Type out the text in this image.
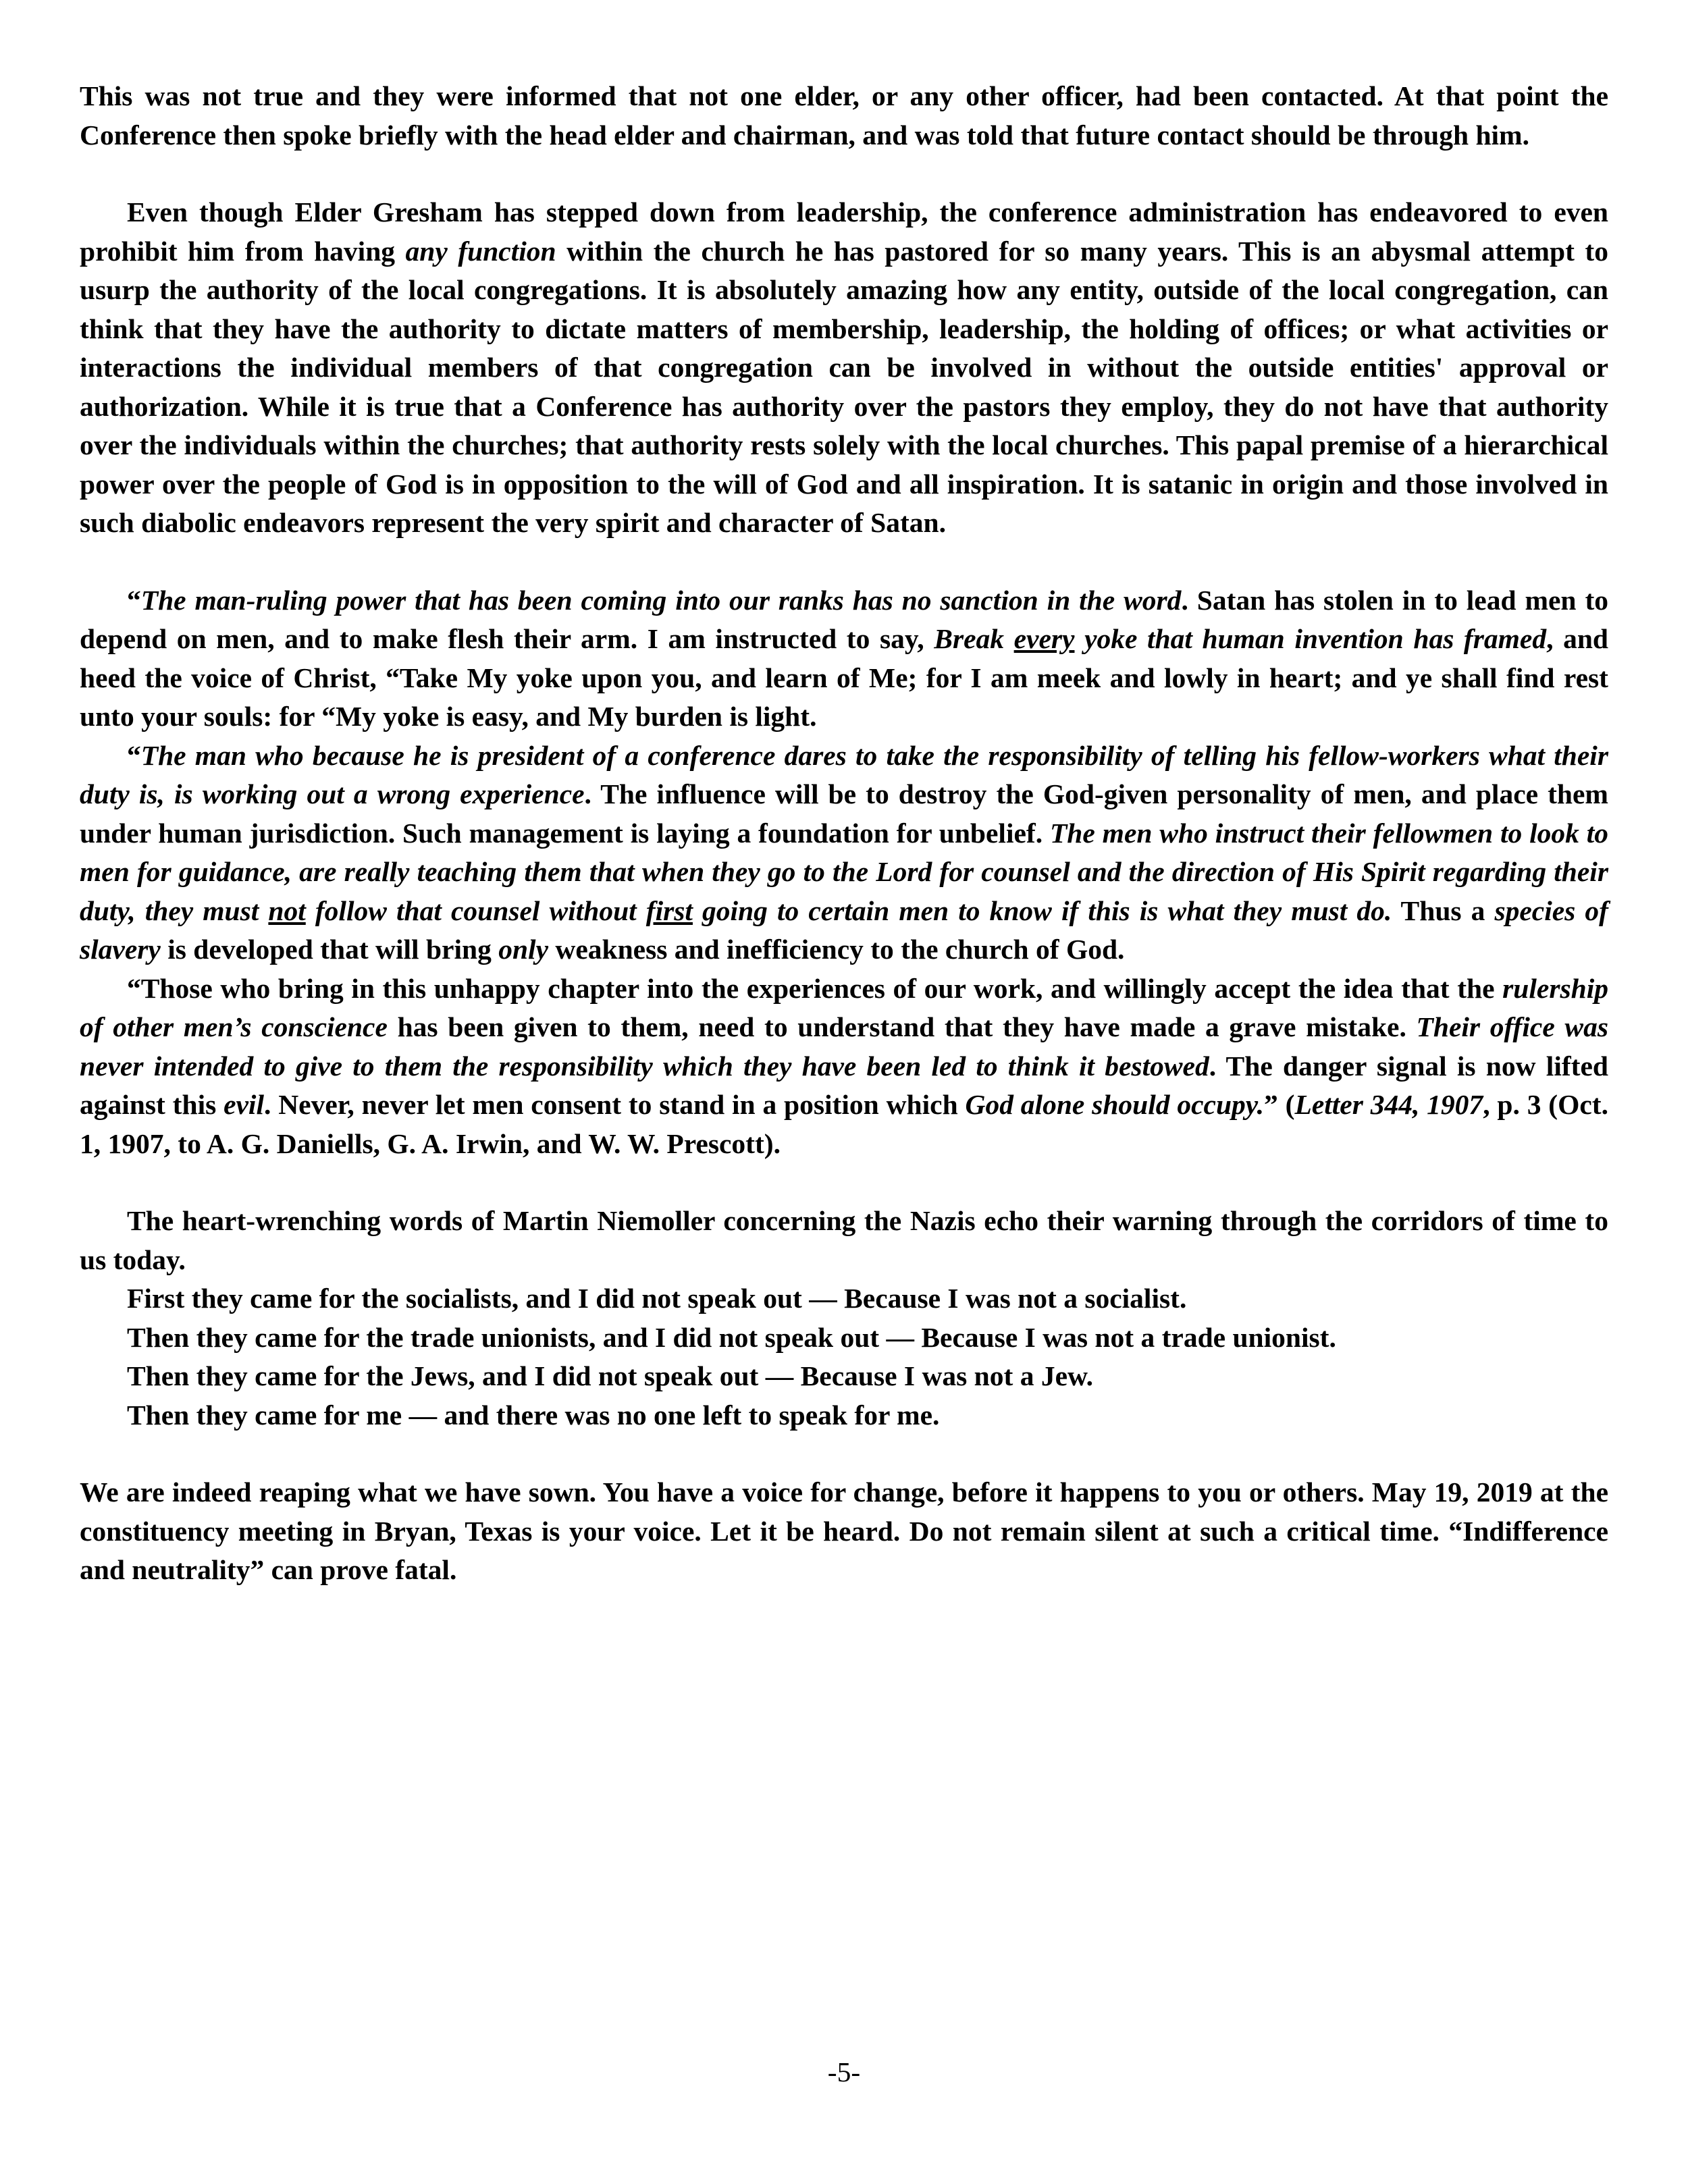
This was not true and they were informed that not one elder, or any other officer, had been contacted. At that point the Conference then spoke briefly with the head elder and chairman, and was told that future contact should be through him.

Even though Elder Gresham has stepped down from leadership, the conference administration has endeavored to even prohibit him from having any function within the church he has pastored for so many years. This is an abysmal attempt to usurp the authority of the local congregations. It is absolutely amazing how any entity, outside of the local congregation, can think that they have the authority to dictate matters of membership, leadership, the holding of offices; or what activities or interactions the individual members of that congregation can be involved in without the outside entities' approval or authorization. While it is true that a Conference has authority over the pastors they employ, they do not have that authority over the individuals within the churches; that authority rests solely with the local churches. This papal premise of a hierarchical power over the people of God is in opposition to the will of God and all inspiration. It is satanic in origin and those involved in such diabolic endeavors represent the very spirit and character of Satan.

“The man-ruling power that has been coming into our ranks has no sanction in the word. Satan has stolen in to lead men to depend on men, and to make flesh their arm. I am instructed to say, Break every yoke that human invention has framed, and heed the voice of Christ, “Take My yoke upon you, and learn of Me; for I am meek and lowly in heart; and ye shall find rest unto your souls: for “My yoke is easy, and My burden is light.

“The man who because he is president of a conference dares to take the responsibility of telling his fellow-workers what their duty is, is working out a wrong experience. The influence will be to destroy the God-given personality of men, and place them under human jurisdiction. Such management is laying a foundation for unbelief. The men who instruct their fellowmen to look to men for guidance, are really teaching them that when they go to the Lord for counsel and the direction of His Spirit regarding their duty, they must not follow that counsel without first going to certain men to know if this is what they must do. Thus a species of slavery is developed that will bring only weakness and inefficiency to the church of God.

“Those who bring in this unhappy chapter into the experiences of our work, and willingly accept the idea that the rulership of other men’s conscience has been given to them, need to understand that they have made a grave mistake. Their office was never intended to give to them the responsibility which they have been led to think it bestowed. The danger signal is now lifted against this evil. Never, never let men consent to stand in a position which God alone should occupy.” (Letter 344, 1907, p. 3 (Oct. 1, 1907, to A. G. Daniells, G. A. Irwin, and W. W. Prescott).

The heart-wrenching words of Martin Niemoller concerning the Nazis echo their warning through the corridors of time to us today.

First they came for the socialists, and I did not speak out — Because I was not a socialist.

Then they came for the trade unionists, and I did not speak out — Because I was not a trade unionist.

Then they came for the Jews, and I did not speak out — Because I was not a Jew.

Then they came for me — and there was no one left to speak for me.

We are indeed reaping what we have sown. You have a voice for change, before it happens to you or others. May 19, 2019 at the constituency meeting in Bryan, Texas is your voice. Let it be heard. Do not remain silent at such a critical time. “Indifference and neutrality” can prove fatal.

-5-
